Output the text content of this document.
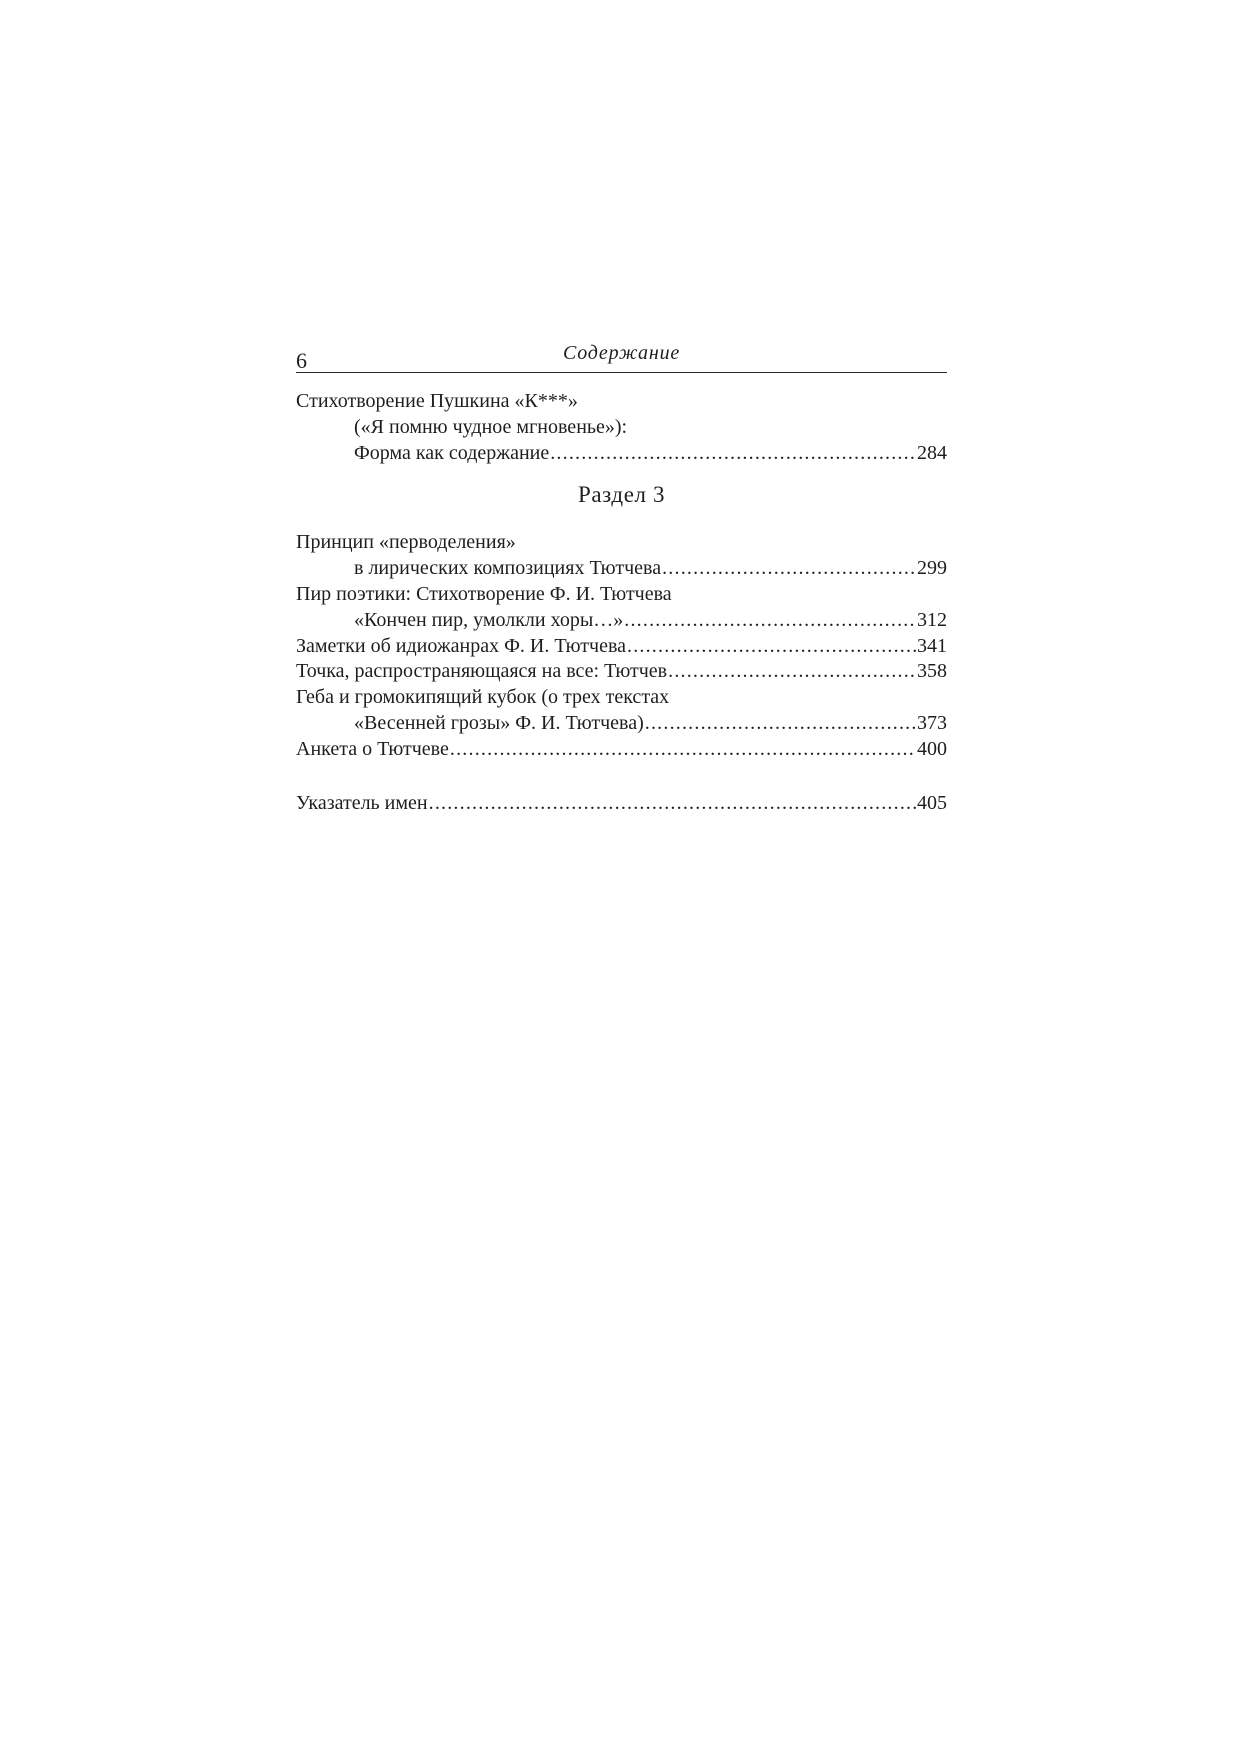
6	Содержание
Стихотворение Пушкина «К***»
(«Я помню чудное мгновенье»):
Форма как содержание .....	284
Раздел 3
Принцип «перводеления»
в лирических композициях Тютчева .....	299
Пир поэтики: Стихотворение Ф. И. Тютчева
«Кончен пир, умолкли хоры…» .....	312
Заметки об идиожанрах Ф. И. Тютчева .....	341
Точка, распространяющаяся на все: Тютчев .....	358
Геба и громокипящий кубок (о трех текстах
«Весенней грозы» Ф. И. Тютчева) .....	373
Анкета о Тютчеве .....	400
Указатель имен .....	405
